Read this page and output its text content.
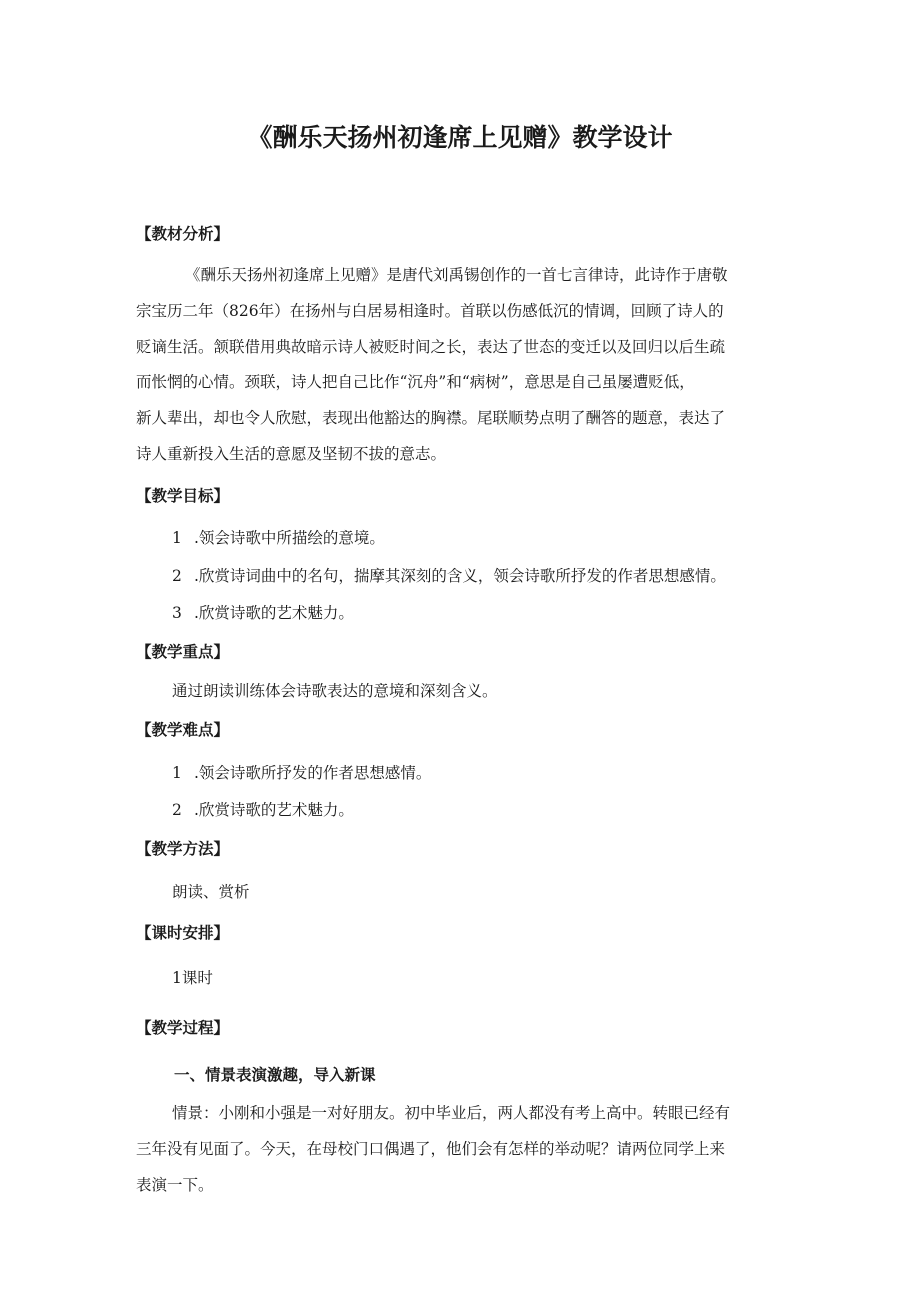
《酬乐天扬州初逢席上见赠》教学设计
【教材分析】
《酬乐天扬州初逢席上见赠》是唐代刘禹锡创作的一首七言律诗，此诗作于唐敬
宗宝历二年（826年）在扬州与白居易相逢时。首联以伤感低沉的情调，回顾了诗人的
贬谪生活。颔联借用典故暗示诗人被贬时间之长，表达了世态的变迁以及回归以后生疏
而怅惘的心情。颈联，诗人把自己比作“沉舟”和“病树”，意思是自己虽屡遭贬低，
新人辈出，却也令人欣慰，表现出他豁达的胸襟。尾联顺势点明了酬答的题意，表达了
诗人重新投入生活的意愿及坚韧不拔的意志。
【教学目标】
1 .领会诗歌中所描绘的意境。
2 .欣赏诗词曲中的名句，揣摩其深刻的含义，领会诗歌所抒发的作者思想感情。
3 .欣赏诗歌的艺术魅力。
【教学重点】
通过朗读训练体会诗歌表达的意境和深刻含义。
【教学难点】
1 .领会诗歌所抒发的作者思想感情。
2 .欣赏诗歌的艺术魅力。
【教学方法】
朗读、赏析
【课时安排】
1课时
【教学过程】
一、情景表演激趣，导入新课
情景：小刚和小强是一对好朋友。初中毕业后，两人都没有考上高中。转眼已经有
三年没有见面了。今天，在母校门口偶遇了，他们会有怎样的举动呢？请两位同学上来
表演一下。
